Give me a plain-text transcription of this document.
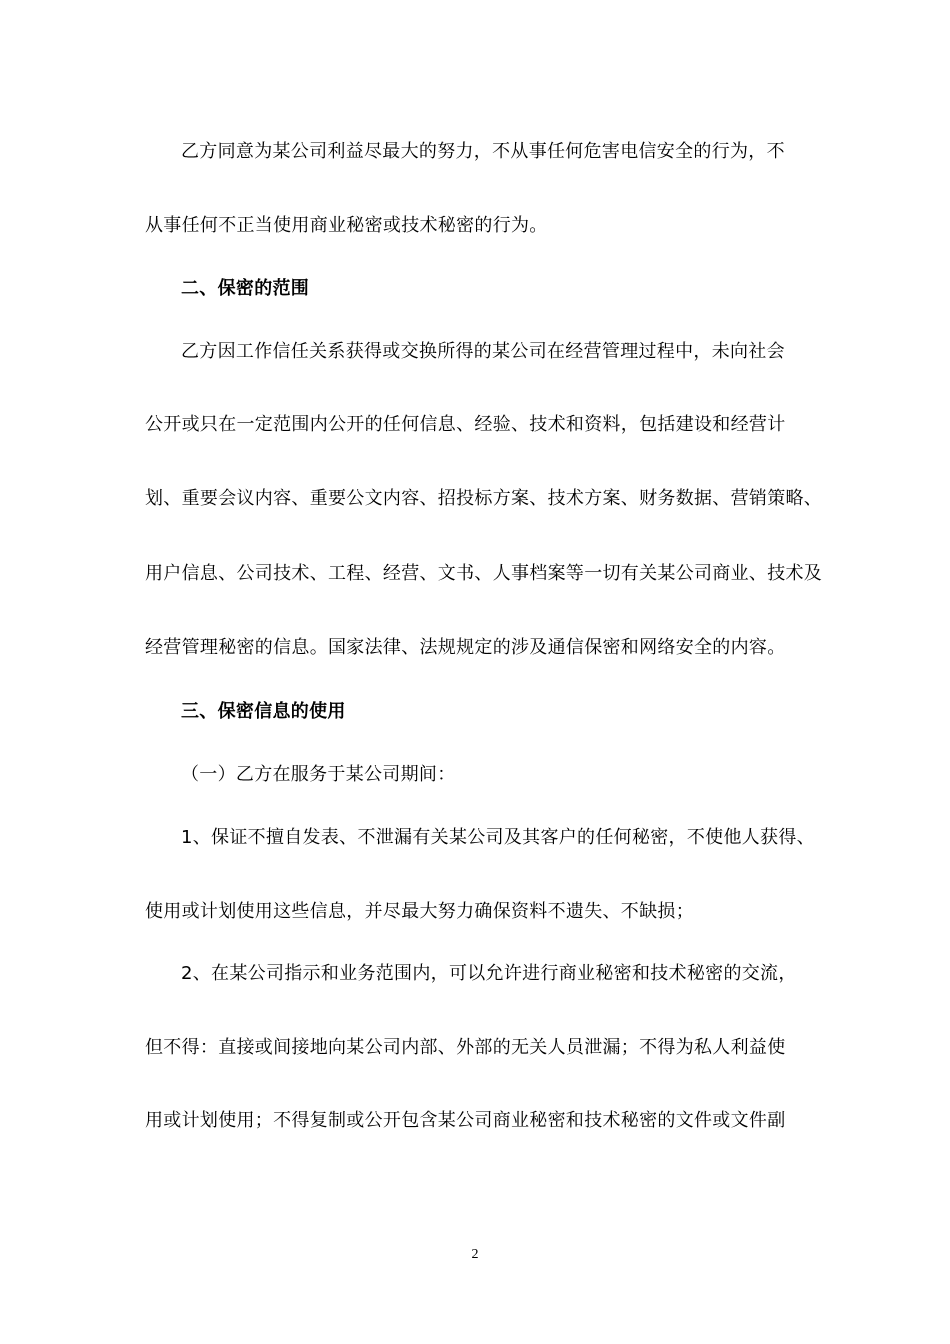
乙方同意为某公司利益尽最大的努力，不从事任何危害电信安全的行为，不
从事任何不正当使用商业秘密或技术秘密的行为。
二、保密的范围
乙方因工作信任关系获得或交换所得的某公司在经营管理过程中，未向社会
公开或只在一定范围内公开的任何信息、经验、技术和资料，包括建设和经营计
划、重要会议内容、重要公文内容、招投标方案、技术方案、财务数据、营销策略、
用户信息、公司技术、工程、经营、文书、人事档案等一切有关某公司商业、技术及
经营管理秘密的信息。国家法律、法规规定的涉及通信保密和网络安全的内容。
三、保密信息的使用
（一）乙方在服务于某公司期间：
1、保证不擅自发表、不泄漏有关某公司及其客户的任何秘密，不使他人获得、
使用或计划使用这些信息，并尽最大努力确保资料不遗失、不缺损；
2、在某公司指示和业务范围内，可以允许进行商业秘密和技术秘密的交流，
但不得：直接或间接地向某公司内部、外部的无关人员泄漏；不得为私人利益使
用或计划使用；不得复制或公开包含某公司商业秘密和技术秘密的文件或文件副
2
